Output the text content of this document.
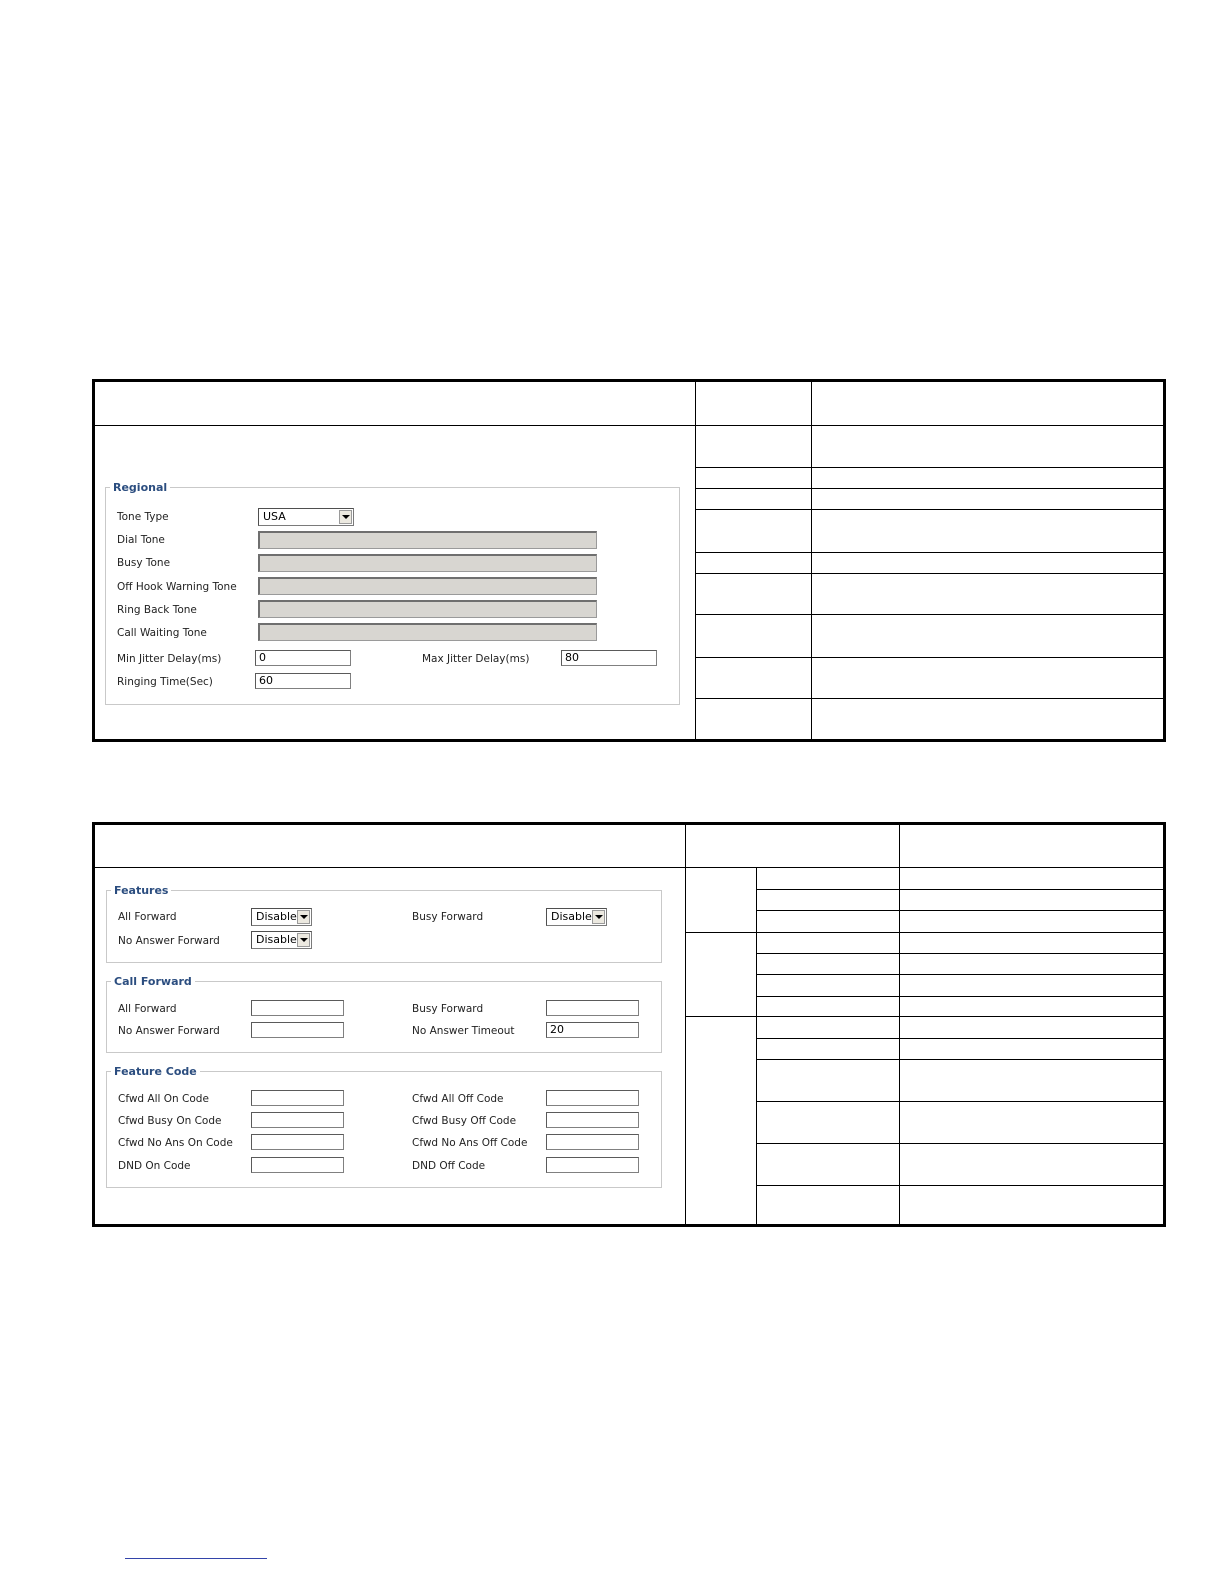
Regional
Tone Type	USA
Dial Tone
Busy Tone
Off Hook Warning Tone
Ring Back Tone
Call Waiting Tone
Min Jitter Delay(ms)	0	Max Jitter Delay(ms)	80
Ringing Time(Sec)	60
Features
All Forward	Disable	Busy Forward	Disable
No Answer Forward	Disable
Call Forward
All Forward	Busy Forward
No Answer Forward	No Answer Timeout	20
Feature Code
Cfwd All On Code	Cfwd All Off Code
Cfwd Busy On Code	Cfwd Busy Off Code
Cfwd No Ans On Code	Cfwd No Ans Off Code
DND On Code	DND Off Code
